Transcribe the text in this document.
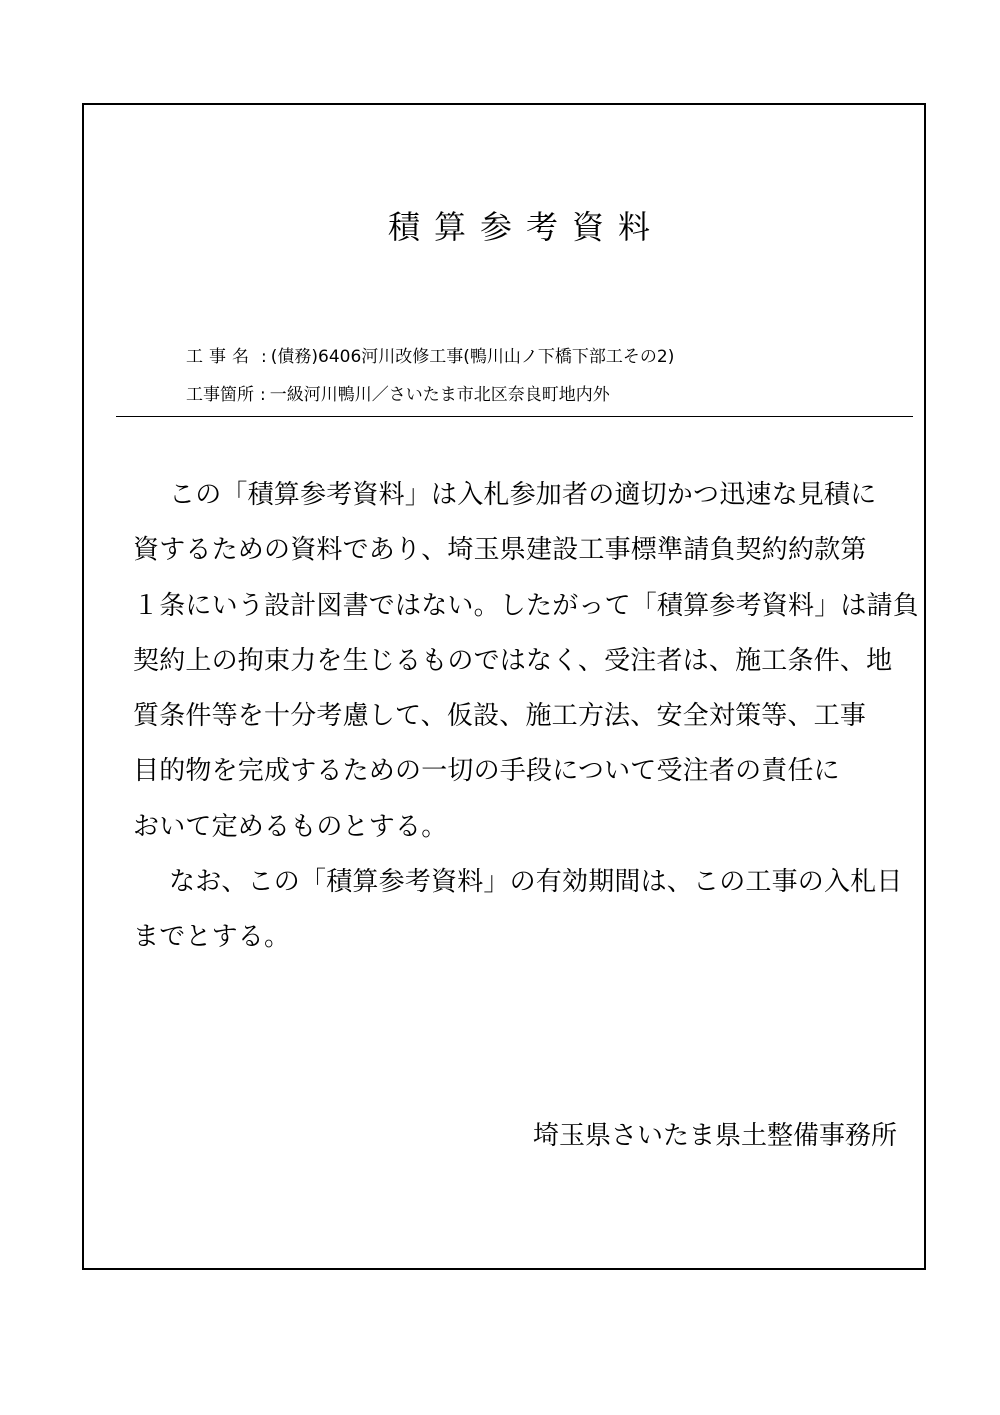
積算参考資料
工事名 : (債務)6406河川改修工事(鴨川山ノ下橋下部工その2)
工事箇所 : 一級河川鴨川／さいたま市北区奈良町地内外
この「積算参考資料」は入札参加者の適切かつ迅速な見積に
資するための資料であり、埼玉県建設工事標準請負契約約款第
１条にいう設計図書ではない。したがって「積算参考資料」は請負
契約上の拘束力を生じるものではなく、受注者は、施工条件、地
質条件等を十分考慮して、仮設、施工方法、安全対策等、工事
目的物を完成するための一切の手段について受注者の責任に
おいて定めるものとする。
なお、この「積算参考資料」の有効期間は、この工事の入札日
までとする。
埼玉県さいたま県土整備事務所
